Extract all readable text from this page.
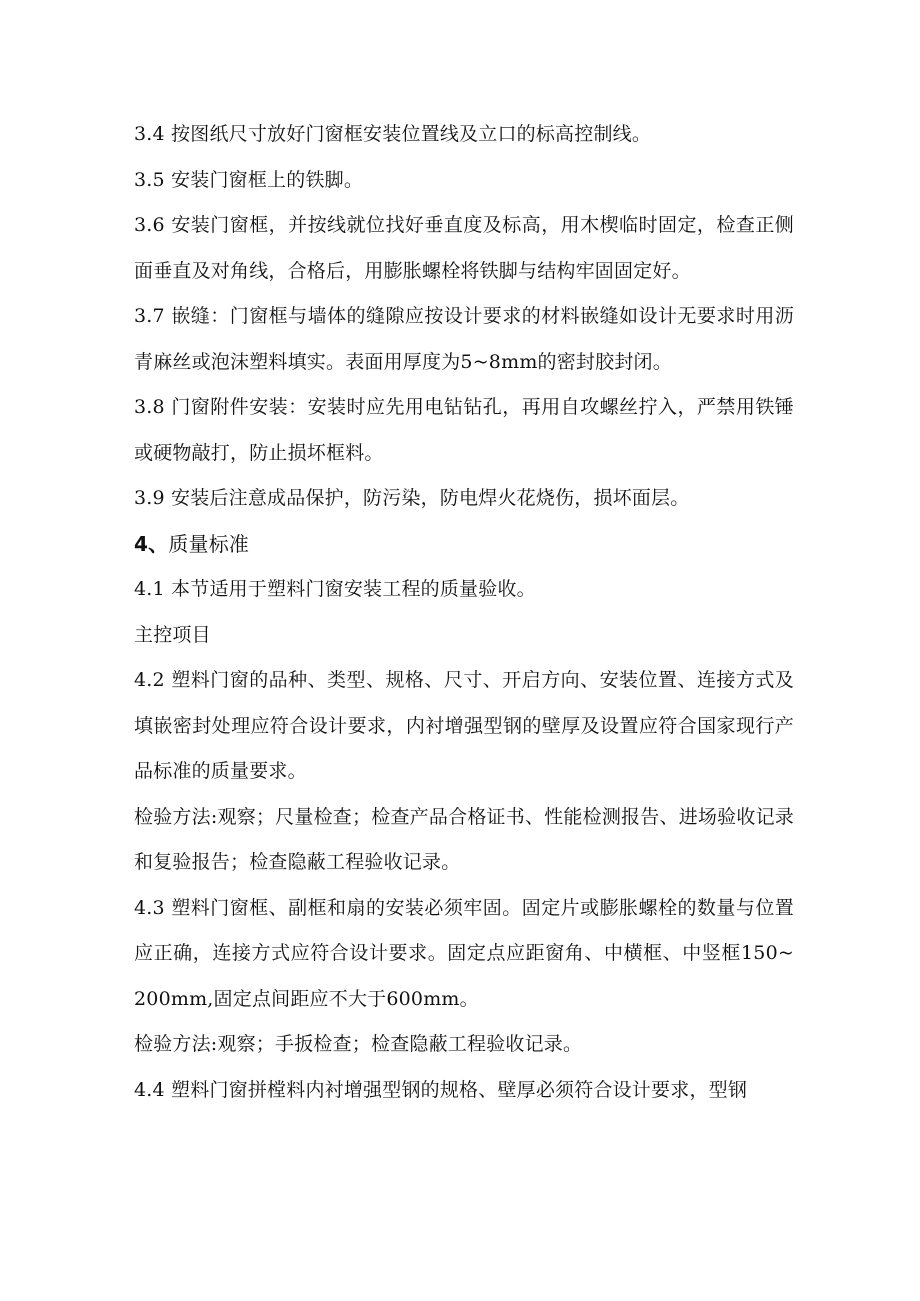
3.4 按图纸尺寸放好门窗框安装位置线及立口的标高控制线。

3.5 安装门窗框上的铁脚。

3.6 安装门窗框，并按线就位找好垂直度及标高，用木楔临时固定，检查正侧面垂直及对角线，合格后，用膨胀螺栓将铁脚与结构牢固固定好。

3.7 嵌缝：门窗框与墙体的缝隙应按设计要求的材料嵌缝如设计无要求时用沥青麻丝或泡沫塑料填实。表面用厚度为5~8mm的密封胶封闭。

3.8 门窗附件安装：安装时应先用电钻钻孔，再用自攻螺丝拧入，严禁用铁锤或硬物敲打，防止损坏框料。

3.9 安装后注意成品保护，防污染，防电焊火花烧伤，损坏面层。

4、质量标准

4.1 本节适用于塑料门窗安装工程的质量验收。

主控项目

4.2 塑料门窗的品种、类型、规格、尺寸、开启方向、安装位置、连接方式及填嵌密封处理应符合设计要求，内衬增强型钢的壁厚及设置应符合国家现行产品标准的质量要求。

检验方法:观察；尺量检查；检查产品合格证书、性能检测报告、进场验收记录和复验报告；检查隐蔽工程验收记录。

4.3 塑料门窗框、副框和扇的安装必须牢固。固定片或膨胀螺栓的数量与位置应正确，连接方式应符合设计要求。固定点应距窗角、中横框、中竖框150~200mm,固定点间距应不大于600mm。

检验方法:观察；手扳检查；检查隐蔽工程验收记录。

4.4 塑料门窗拼樘料内衬增强型钢的规格、壁厚必须符合设计要求，型钢
